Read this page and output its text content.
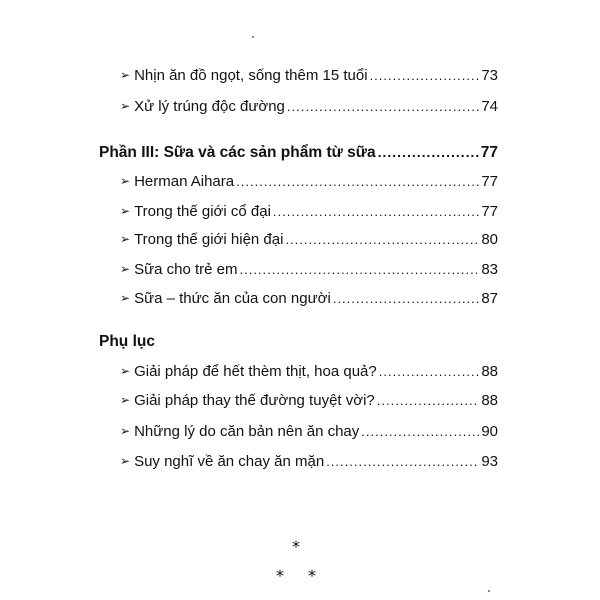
➢ Nhịn ăn đồ ngọt, sống thêm 15 tuổi .....	73
➢ Xử lý trúng độc đường .....	74
Phần III: Sữa và các sản phẩm từ sữa .....	77
➢ Herman Aihara .....	77
➢ Trong thế giới cổ đại .....	77
➢ Trong thế giới hiện đại .....	80
➢ Sữa cho trẻ em .....	83
➢ Sữa – thức ăn của con người .....	87
Phụ lục
➢ Giải pháp để hết thèm thịt, hoa quả? .....	88
➢ Giải pháp thay thế đường tuyệt vời? .....	88
➢ Những lý do căn bản nên ăn chay .....	90
➢ Suy nghĩ về ăn chay ăn mặn .....	93
*
* *
